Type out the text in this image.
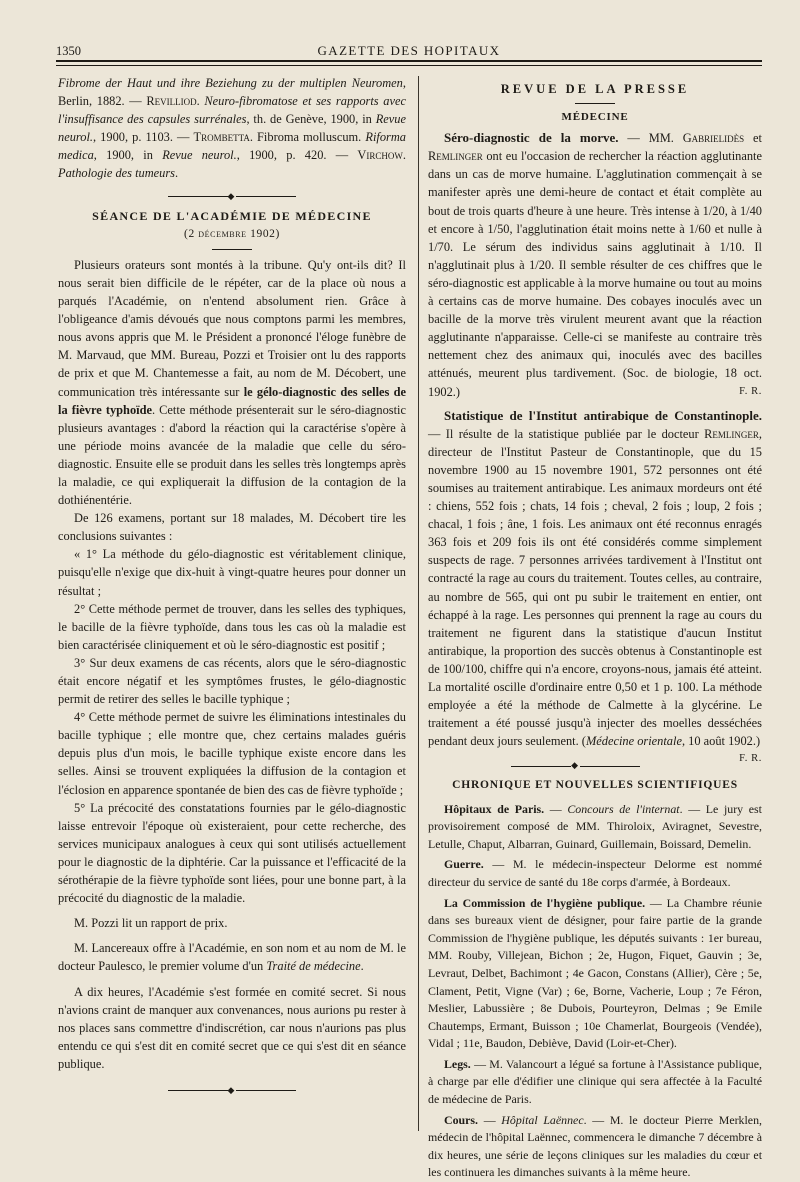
1350	GAZETTE DES HOPITAUX

Fibrome der Haut und ihre Beziehung zu der multiplen Neuromen, Berlin, 1882. — Revilliod. Neuro-fibromatose et ses rapports avec l'insuffisance des capsules surrénales, th. de Genève, 1900, in Revue neurol., 1900, p. 1103. — Trombetta. Fibroma molluscum. Riforma medica, 1900, in Revue neurol., 1900, p. 420. — Virchow. Pathologie des tumeurs.

◆
SÉANCE DE L'ACADÉMIE DE MÉDECINE
(2 décembre 1902)

Plusieurs orateurs sont montés à la tribune. Qu'y ont-ils dit? Il nous serait bien difficile de le répéter, car de la place où nous a parqués l'Académie, on n'entend absolument rien. Grâce à l'obligeance d'amis dévoués que nous comptons parmi les membres, nous avons appris que M. le Président a prononcé l'éloge funèbre de M. Marvaud, que MM. Bureau, Pozzi et Troisier ont lu des rapports de prix et que M. Chantemesse a fait, au nom de M. Décobert, une communication très intéressante sur le gélo-diagnostic des selles de la fièvre typhoïde. Cette méthode présenterait sur le séro-diagnostic plusieurs avantages : d'abord la réaction qui la caractérise s'opère à une période moins avancée de la maladie que celle du séro-diagnostic. Ensuite elle se produit dans les selles très longtemps après la maladie, ce qui expliquerait la diffusion de la contagion de la dothiénentérie.

De 126 examens, portant sur 18 malades, M. Décobert tire les conclusions suivantes :

« 1° La méthode du gélo-diagnostic est véritablement clinique, puisqu'elle n'exige que dix-huit à vingt-quatre heures pour donner un résultat ;

2° Cette méthode permet de trouver, dans les selles des typhiques, le bacille de la fièvre typhoïde, dans tous les cas où la maladie est bien caractérisée cliniquement et où le séro-diagnostic est positif ;

3° Sur deux examens de cas récents, alors que le séro-diagnostic était encore négatif et les symptômes frustes, le gélo-diagnostic permit de retirer des selles le bacille typhique ;

4° Cette méthode permet de suivre les éliminations intestinales du bacille typhique ; elle montre que, chez certains malades guéris depuis plus d'un mois, le bacille typhique existe encore dans les selles. Ainsi se trouvent expliquées la diffusion de la contagion et l'éclosion en apparence spontanée de bien des cas de fièvre typhoïde ;

5° La précocité des constatations fournies par le gélo-diagnostic laisse entrevoir l'époque où existeraient, pour cette recherche, des services municipaux analogues à ceux qui sont utilisés actuellement pour le diagnostic de la diphtérie. Car la puissance et l'efficacité de la sérothérapie de la fièvre typhoïde sont liées, pour une bonne part, à la précocité du diagnostic de la maladie.

M. Pozzi lit un rapport de prix.

M. Lancereaux offre à l'Académie, en son nom et au nom de M. le docteur Paulesco, le premier volume d'un Traité de médecine.

A dix heures, l'Académie s'est formée en comité secret. Si nous n'avions craint de manquer aux convenances, nous aurions pu rester à nos places sans commettre d'indiscrétion, car nous n'aurions pas plus entendu ce qui s'est dit en comité secret que ce qui s'est dit en séance publique.

◆
REVUE DE LA PRESSE
MÉDECINE

Séro-diagnostic de la morve. — MM. Gabrielidès et Remlinger ont eu l'occasion de rechercher la réaction agglutinante dans un cas de morve humaine. L'agglutination commençait à se manifester après une demi-heure de contact et était complète au bout de trois quarts d'heure à une heure. Très intense à 1/20, à 1/40 et encore à 1/50, l'agglutination était moins nette à 1/60 et nulle à 1/70. Le sérum des individus sains agglutinait à 1/10. Il n'agglutinait plus à 1/20. Il semble résulter de ces chiffres que le séro-diagnostic est applicable à la morve humaine ou tout au moins à certains cas de morve humaine. Des cobayes inoculés avec un bacille de la morve très virulent meurent avant que la réaction agglutinante n'apparaisse. Celle-ci se manifeste au contraire très nettement chez des animaux qui, inoculés avec des bacilles atténués, meurent plus tardivement. (Soc. de biologie, 18 oct. 1902.)	F. R.

Statistique de l'Institut antirabique de Constantinople. — Il résulte de la statistique publiée par le docteur Remlinger, directeur de l'Institut Pasteur de Constantinople, que du 15 novembre 1900 au 15 novembre 1901, 572 personnes ont été soumises au traitement antirabique. Les animaux mordeurs ont été : chiens, 552 fois ; chats, 14 fois ; cheval, 2 fois ; loup, 2 fois ; chacal, 1 fois ; âne, 1 fois. Les animaux ont été reconnus enragés 363 fois et 209 fois ils ont été considérés comme simplement suspects de rage. 7 personnes arrivées tardivement à l'Institut ont contracté la rage au cours du traitement. Toutes celles, au contraire, au nombre de 565, qui ont pu subir le traitement en entier, ont échappé à la rage. Les personnes qui prennent la rage au cours du traitement ne figurent dans la statistique d'aucun Institut antirabique, la proportion des succès obtenus à Constantinople est de 100/100, chiffre qui n'a encore, croyons-nous, jamais été atteint. La mortalité oscille d'ordinaire entre 0,50 et 1 p. 100. La méthode employée a été la méthode de Calmette à la glycérine. Le traitement a été poussé jusqu'à injecter des moelles desséchées pendant deux jours seulement. (Médecine orientale, 10 août 1902.)
F. R.

◆
CHRONIQUE ET NOUVELLES SCIENTIFIQUES

Hôpitaux de Paris. — Concours de l'internat. — Le jury est provisoirement composé de MM. Thiroloix, Aviragnet, Sevestre, Letulle, Chaput, Albarran, Guinard, Guillemain, Boissard, Demelin.

Guerre. — M. le médecin-inspecteur Delorme est nommé directeur du service de santé du 18e corps d'armée, à Bordeaux.

La Commission de l'hygiène publique. — La Chambre réunie dans ses bureaux vient de désigner, pour faire partie de la grande Commission de l'hygiène publique, les députés suivants : 1er bureau, MM. Rouby, Villejean, Bichon ; 2e, Hugon, Fiquet, Gauvin ; 3e, Levraut, Delbet, Bachimont ; 4e Gacon, Constans (Allier), Cère ; 5e, Clament, Petit, Vigne (Var) ; 6e, Borne, Vacherie, Loup ; 7e Féron, Meslier, Labussière ; 8e Dubois, Pourteyron, Delmas ; 9e Emile Chautemps, Ermant, Buisson ; 10e Chamerlat, Bourgeois (Vendée), Vidal ; 11e, Baudon, Debiève, David (Loir-et-Cher).

Legs. — M. Valancourt a légué sa fortune à l'Assistance publique, à charge par elle d'édifier une clinique qui sera affectée à la Faculté de médecine de Paris.

Cours. — Hôpital Laënnec. — M. le docteur Pierre Merklen, médecin de l'hôpital Laënnec, commencera le dimanche 7 décembre à dix heures, une série de leçons cliniques sur les maladies du cœur et les continuera les dimanches suivants à la même heure.
